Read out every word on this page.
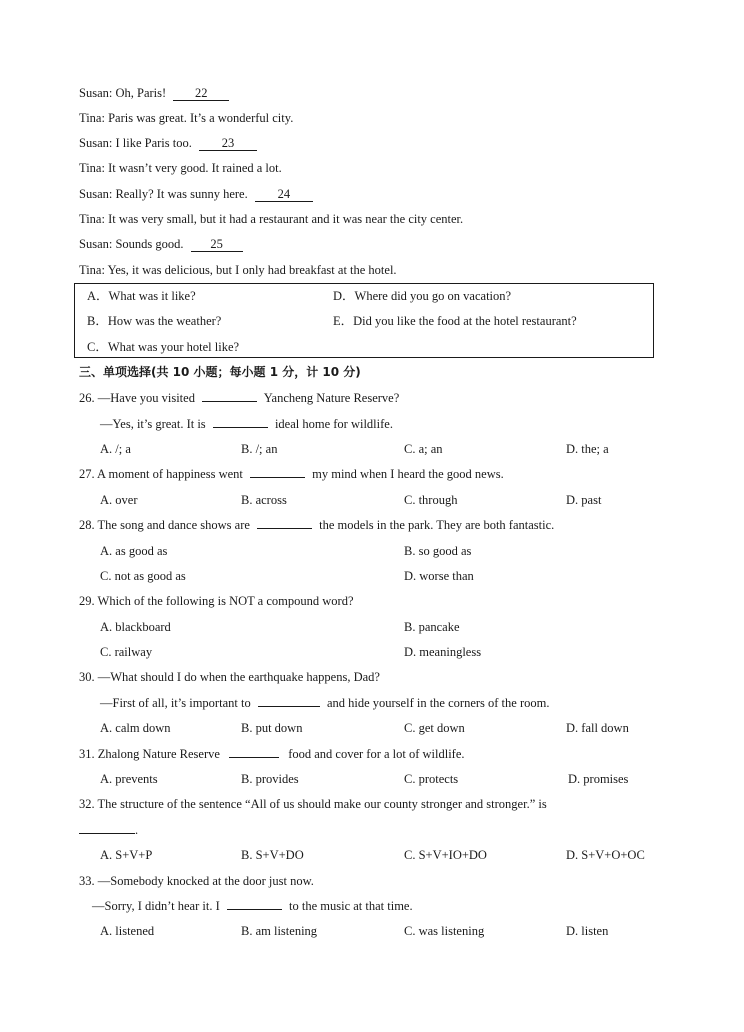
Susan: Oh, Paris! 22
Tina: Paris was great. It’s a wonderful city.
Susan: I like Paris too. 23
Tina: It wasn’t very good. It rained a lot.
Susan: Really? It was sunny here. 24
Tina: It was very small, but it had a restaurant and it was near the city center.
Susan: Sounds good. 25
Tina: Yes, it was delicious, but I only had breakfast at the hotel.
A．What was it like?	D．Where did you go on vacation?
B．How was the weather?	E．Did you like the food at the hotel restaurant?
C．What was your hotel like?
三、单项选择(共 10 小题；每小题 1 分，计 10 分)
26. —Have you visited	Yancheng Nature Reserve?
—Yes, it’s great. It is	ideal home for wildlife.
A. /; a	B. /; an	C. a; an	D. the; a
27. A moment of happiness went	my mind when I heard the good news.
A. over	B. across	C. through	D. past
28. The song and dance shows are	the models in the park. They are both fantastic.
A. as good as	B. so good as
C. not as good as	D. worse than
29. Which of the following is NOT a compound word?
A. blackboard	B. pancake
C. railway	D. meaningless
30. —What should I do when the earthquake happens, Dad?
—First of all, it’s important to	and hide yourself in the corners of the room.
A. calm down	B. put down	C. get down	D. fall down
31. Zhalong Nature Reserve	food and cover for a lot of wildlife.
A. prevents	B. provides	C. protects	D. promises
32. The structure of the sentence “All of us should make our county stronger and stronger.” is
.
A. S+V+P	B. S+V+DO	C. S+V+IO+DO	D. S+V+O+OC
33. —Somebody knocked at the door just now.
—Sorry, I didn’t hear it. I	to the music at that time.
A. listened	B. am listening	C. was listening	D. listen
